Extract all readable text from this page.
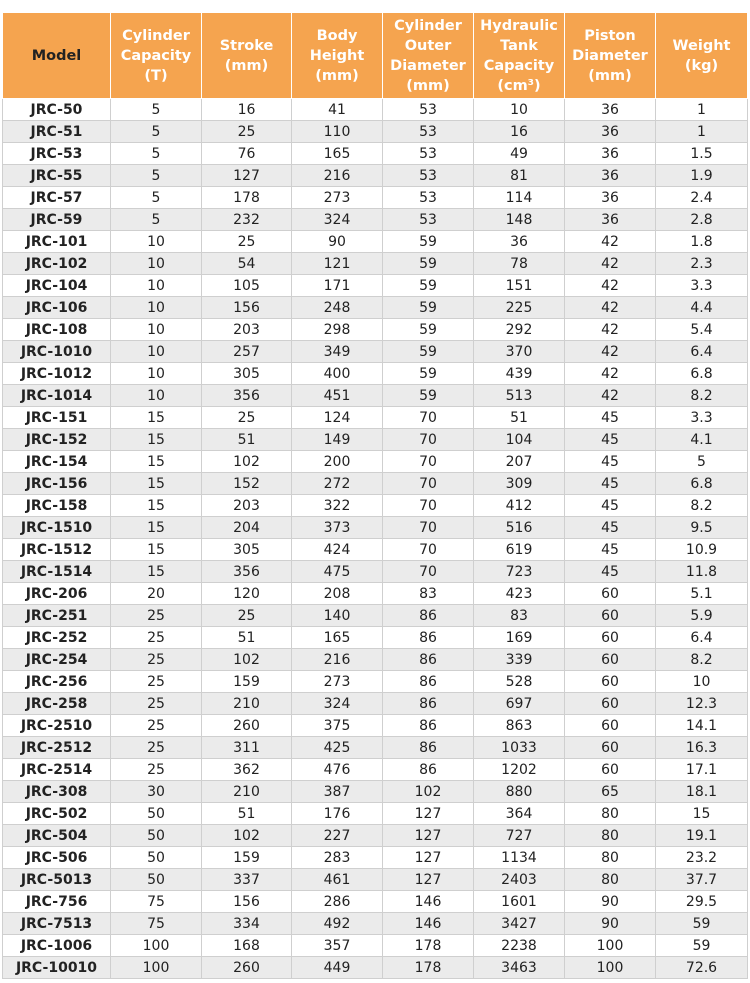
Model	Cylinder Capacity (T)	Stroke (mm)	Body Height (mm)	Cylinder Outer Diameter (mm)	Hydraulic Tank Capacity (cm³)	Piston Diameter (mm)	Weight (kg)
JRC-50	5	16	41	53	10	36	1
JRC-51	5	25	110	53	16	36	1
JRC-53	5	76	165	53	49	36	1.5
JRC-55	5	127	216	53	81	36	1.9
JRC-57	5	178	273	53	114	36	2.4
JRC-59	5	232	324	53	148	36	2.8
JRC-101	10	25	90	59	36	42	1.8
JRC-102	10	54	121	59	78	42	2.3
JRC-104	10	105	171	59	151	42	3.3
JRC-106	10	156	248	59	225	42	4.4
JRC-108	10	203	298	59	292	42	5.4
JRC-1010	10	257	349	59	370	42	6.4
JRC-1012	10	305	400	59	439	42	6.8
JRC-1014	10	356	451	59	513	42	8.2
JRC-151	15	25	124	70	51	45	3.3
JRC-152	15	51	149	70	104	45	4.1
JRC-154	15	102	200	70	207	45	5
JRC-156	15	152	272	70	309	45	6.8
JRC-158	15	203	322	70	412	45	8.2
JRC-1510	15	204	373	70	516	45	9.5
JRC-1512	15	305	424	70	619	45	10.9
JRC-1514	15	356	475	70	723	45	11.8
JRC-206	20	120	208	83	423	60	5.1
JRC-251	25	25	140	86	83	60	5.9
JRC-252	25	51	165	86	169	60	6.4
JRC-254	25	102	216	86	339	60	8.2
JRC-256	25	159	273	86	528	60	10
JRC-258	25	210	324	86	697	60	12.3
JRC-2510	25	260	375	86	863	60	14.1
JRC-2512	25	311	425	86	1033	60	16.3
JRC-2514	25	362	476	86	1202	60	17.1
JRC-308	30	210	387	102	880	65	18.1
JRC-502	50	51	176	127	364	80	15
JRC-504	50	102	227	127	727	80	19.1
JRC-506	50	159	283	127	1134	80	23.2
JRC-5013	50	337	461	127	2403	80	37.7
JRC-756	75	156	286	146	1601	90	29.5
JRC-7513	75	334	492	146	3427	90	59
JRC-1006	100	168	357	178	2238	100	59
JRC-10010	100	260	449	178	3463	100	72.6
